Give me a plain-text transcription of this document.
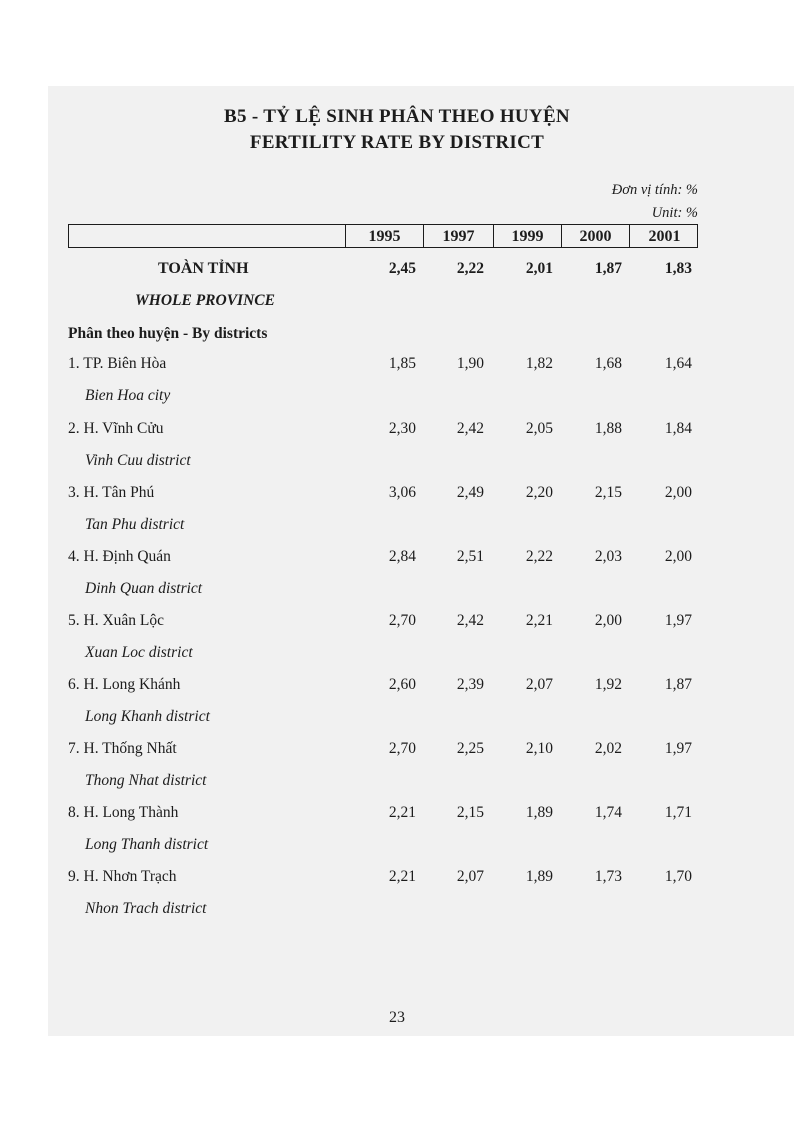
B5 - TỶ LỆ SINH PHÂN THEO HUYỆN
FERTILITY RATE BY DISTRICT
Đơn vị tính: %
Unit: %
1995	1997	1999	2000	2001
TOÀN TỈNH
WHOLE PROVINCE
2,45	2,22	2,01	1,87	1,83
Phân theo huyện - By districts
1. TP. Biên Hòa
Bien Hoa city
1,85	1,90	1,82	1,68	1,64
2. H. Vĩnh Cửu
Vinh Cuu district
2,30	2,42	2,05	1,88	1,84
3. H. Tân Phú
Tan Phu district
3,06	2,49	2,20	2,15	2,00
4. H. Định Quán
Dinh Quan district
2,84	2,51	2,22	2,03	2,00
5. H. Xuân Lộc
Xuan Loc district
2,70	2,42	2,21	2,00	1,97
6. H. Long Khánh
Long Khanh district
2,60	2,39	2,07	1,92	1,87
7. H. Thống Nhất
Thong Nhat district
2,70	2,25	2,10	2,02	1,97
8. H. Long Thành
Long Thanh district
2,21	2,15	1,89	1,74	1,71
9. H. Nhơn Trạch
Nhon Trach district
2,21	2,07	1,89	1,73	1,70
23
